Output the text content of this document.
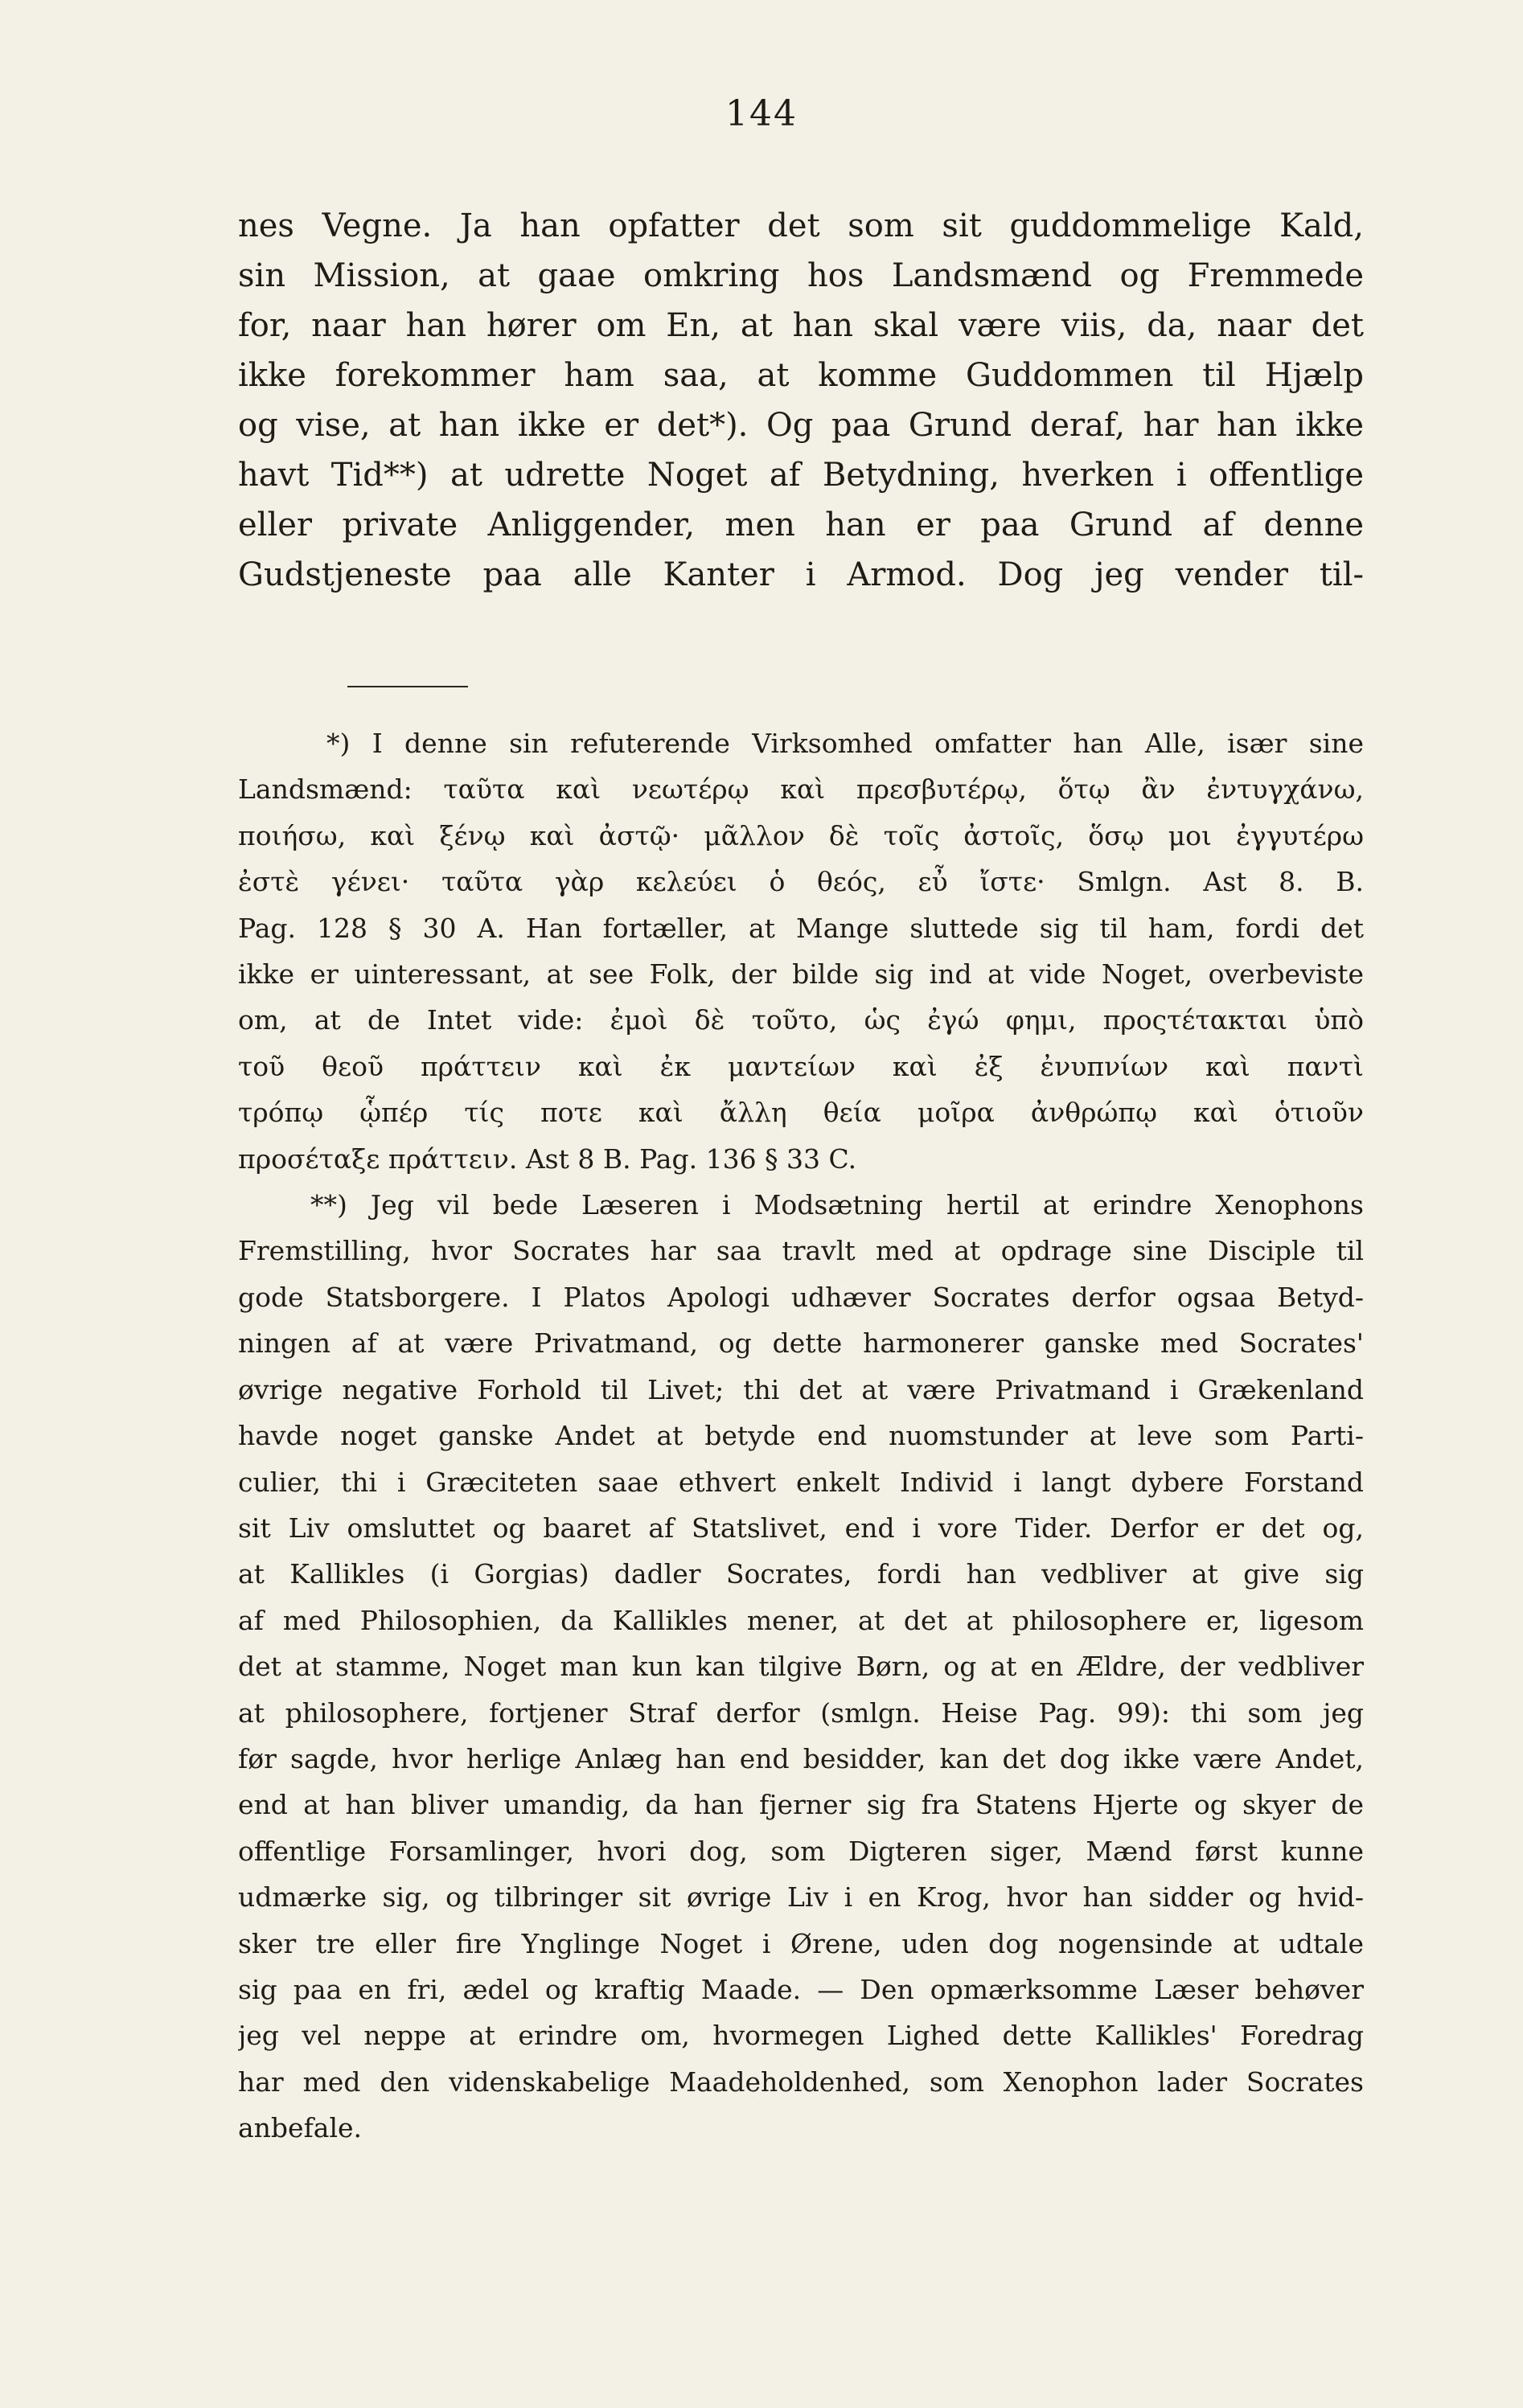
144
nes Vegne. Ja han opfatter det som sit guddommelige Kald,
sin Mission, at gaae omkring hos Landsmænd og Fremmede
for, naar han hører om En, at han skal være viis, da, naar det
ikke forekommer ham saa, at komme Guddommen til Hjælp
og vise, at han ikke er det*). Og paa Grund deraf, har han ikke
havt Tid**) at udrette Noget af Betydning, hverken i offentlige
eller private Anliggender, men han er paa Grund af denne
Gudstjeneste paa alle Kanter i Armod. Dog jeg vender til-
*) I denne sin refuterende Virksomhed omfatter han Alle, især sine
Landsmænd: ταῦτα καὶ νεωτέρῳ καὶ πρεσβυτέρῳ, ὅτῳ ἂν ἐντυγχάνω,
ποιήσω, καὶ ξένῳ καὶ ἀστῷ· μᾶλλον δὲ τοῖς ἀστοῖς, ὅσῳ μοι ἐγγυτέρω
ἐστὲ γένει· ταῦτα γὰρ κελεύει ὁ θεός, εὖ ἴστε· Smlgn. Ast 8. B.
Pag. 128 § 30 A. Han fortæller, at Mange sluttede sig til ham, fordi det
ikke er uinteressant, at see Folk, der bilde sig ind at vide Noget, overbeviste
om, at de Intet vide: ἐμοὶ δὲ τοῦτο, ὡς ἐγώ φημι, προςτέτακται ὑπὸ
τοῦ θεοῦ πράττειν καὶ ἐκ μαντείων καὶ ἐξ ἐνυπνίων καὶ παντὶ
τρόπῳ ᾧπέρ τίς ποτε καὶ ἄλλη θεία μοῖρα ἀνθρώπῳ καὶ ὁτιοῦν
προσέταξε πράττειν. Ast 8 B. Pag. 136 § 33 C.
**) Jeg vil bede Læseren i Modsætning hertil at erindre Xenophons
Fremstilling, hvor Socrates har saa travlt med at opdrage sine Disciple til
gode Statsborgere. I Platos Apologi udhæver Socrates derfor ogsaa Betyd-
ningen af at være Privatmand, og dette harmonerer ganske med Socrates'
øvrige negative Forhold til Livet; thi det at være Privatmand i Grækenland
havde noget ganske Andet at betyde end nuomstunder at leve som Parti-
culier, thi i Græciteten saae ethvert enkelt Individ i langt dybere Forstand
sit Liv omsluttet og baaret af Statslivet, end i vore Tider. Derfor er det og,
at Kallikles (i Gorgias) dadler Socrates, fordi han vedbliver at give sig
af med Philosophien, da Kallikles mener, at det at philosophere er, ligesom
det at stamme, Noget man kun kan tilgive Børn, og at en Ældre, der vedbliver
at philosophere, fortjener Straf derfor (smlgn. Heise Pag. 99): thi som jeg
før sagde, hvor herlige Anlæg han end besidder, kan det dog ikke være Andet,
end at han bliver umandig, da han fjerner sig fra Statens Hjerte og skyer de
offentlige Forsamlinger, hvori dog, som Digteren siger, Mænd først kunne
udmærke sig, og tilbringer sit øvrige Liv i en Krog, hvor han sidder og hvid-
sker tre eller fire Ynglinge Noget i Ørene, uden dog nogensinde at udtale
sig paa en fri, ædel og kraftig Maade. — Den opmærksomme Læser behøver
jeg vel neppe at erindre om, hvormegen Lighed dette Kallikles' Foredrag
har med den videnskabelige Maadeholdenhed, som Xenophon lader Socrates
anbefale.
